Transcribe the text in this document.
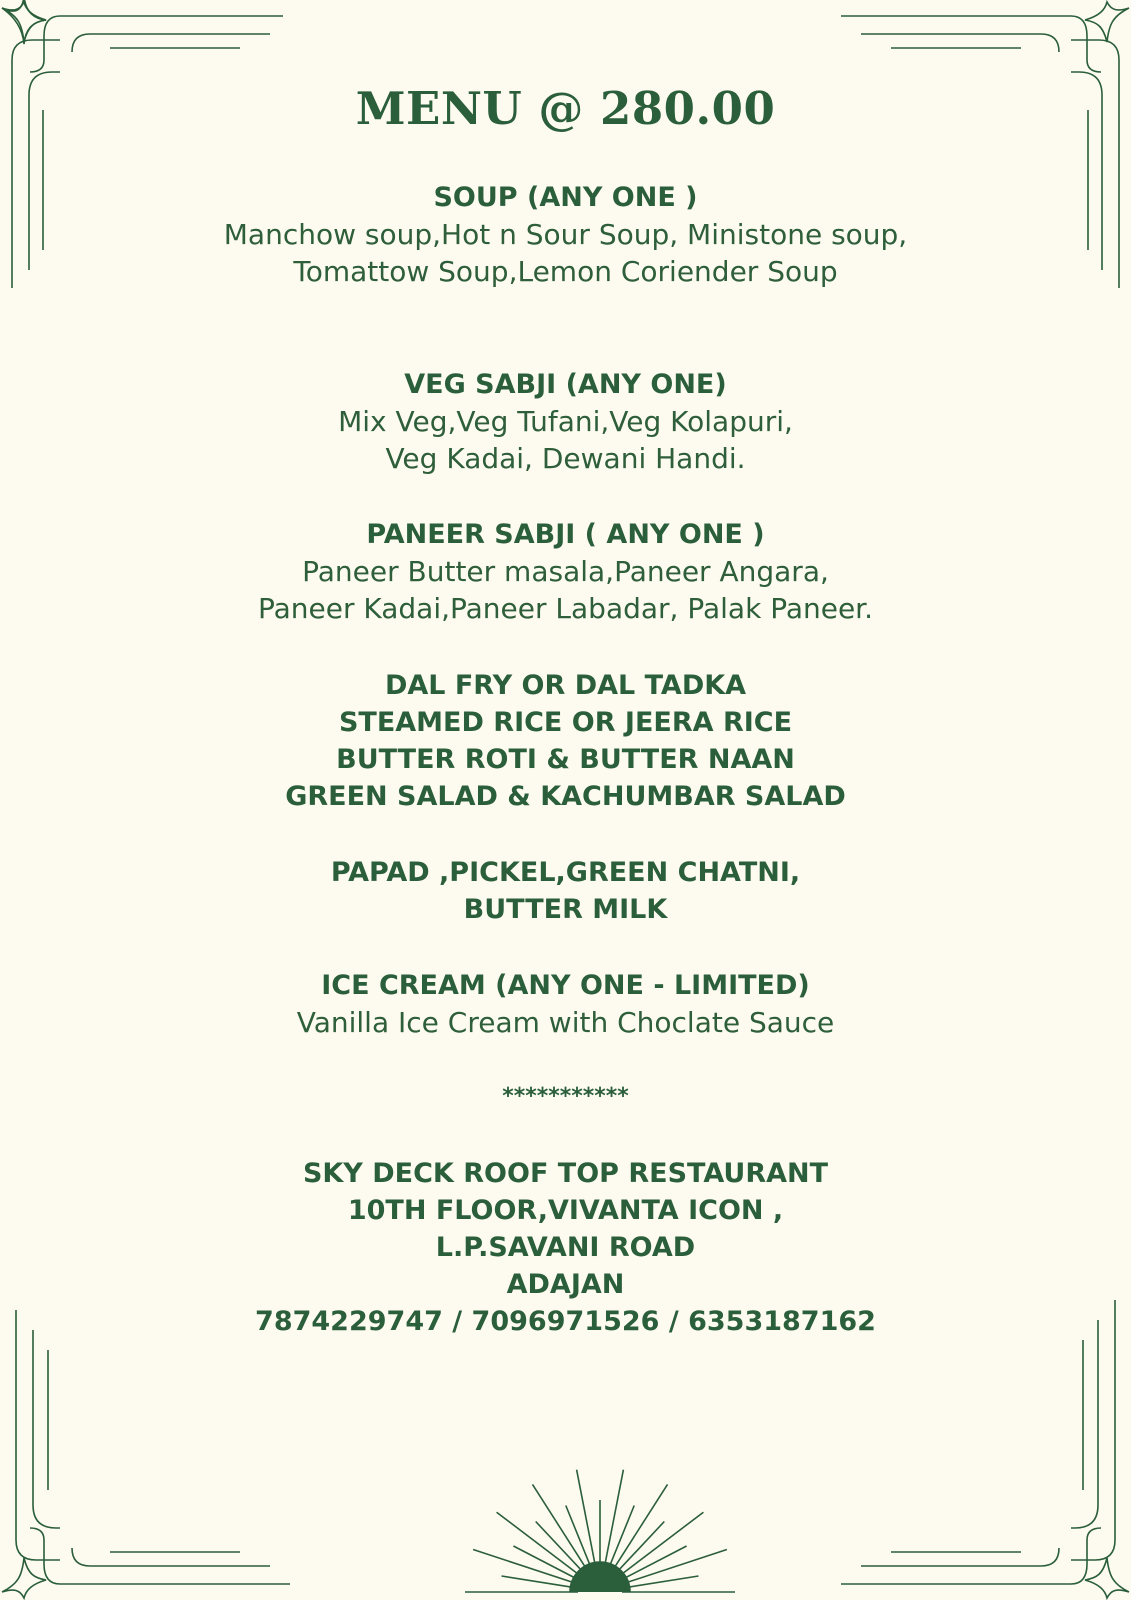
MENU @ 280.00
SOUP (ANY ONE )
Manchow soup,Hot n Sour Soup, Ministone soup,
Tomattow Soup,Lemon Coriender Soup
VEG SABJI (ANY ONE)
Mix Veg,Veg Tufani,Veg Kolapuri,
Veg Kadai, Dewani Handi.
PANEER SABJI ( ANY ONE )
Paneer Butter masala,Paneer Angara,
Paneer Kadai,Paneer Labadar, Palak Paneer.
DAL FRY OR DAL TADKA
STEAMED RICE OR JEERA RICE
BUTTER ROTI & BUTTER NAAN
GREEN SALAD & KACHUMBAR SALAD
PAPAD ,PICKEL,GREEN CHATNI,
BUTTER MILK
ICE CREAM (ANY ONE - LIMITED)
Vanilla Ice Cream with Choclate Sauce
***********
SKY DECK ROOF TOP RESTAURANT
10TH FLOOR,VIVANTA ICON ,
L.P.SAVANI ROAD
ADAJAN
7874229747 / 7096971526 / 6353187162
